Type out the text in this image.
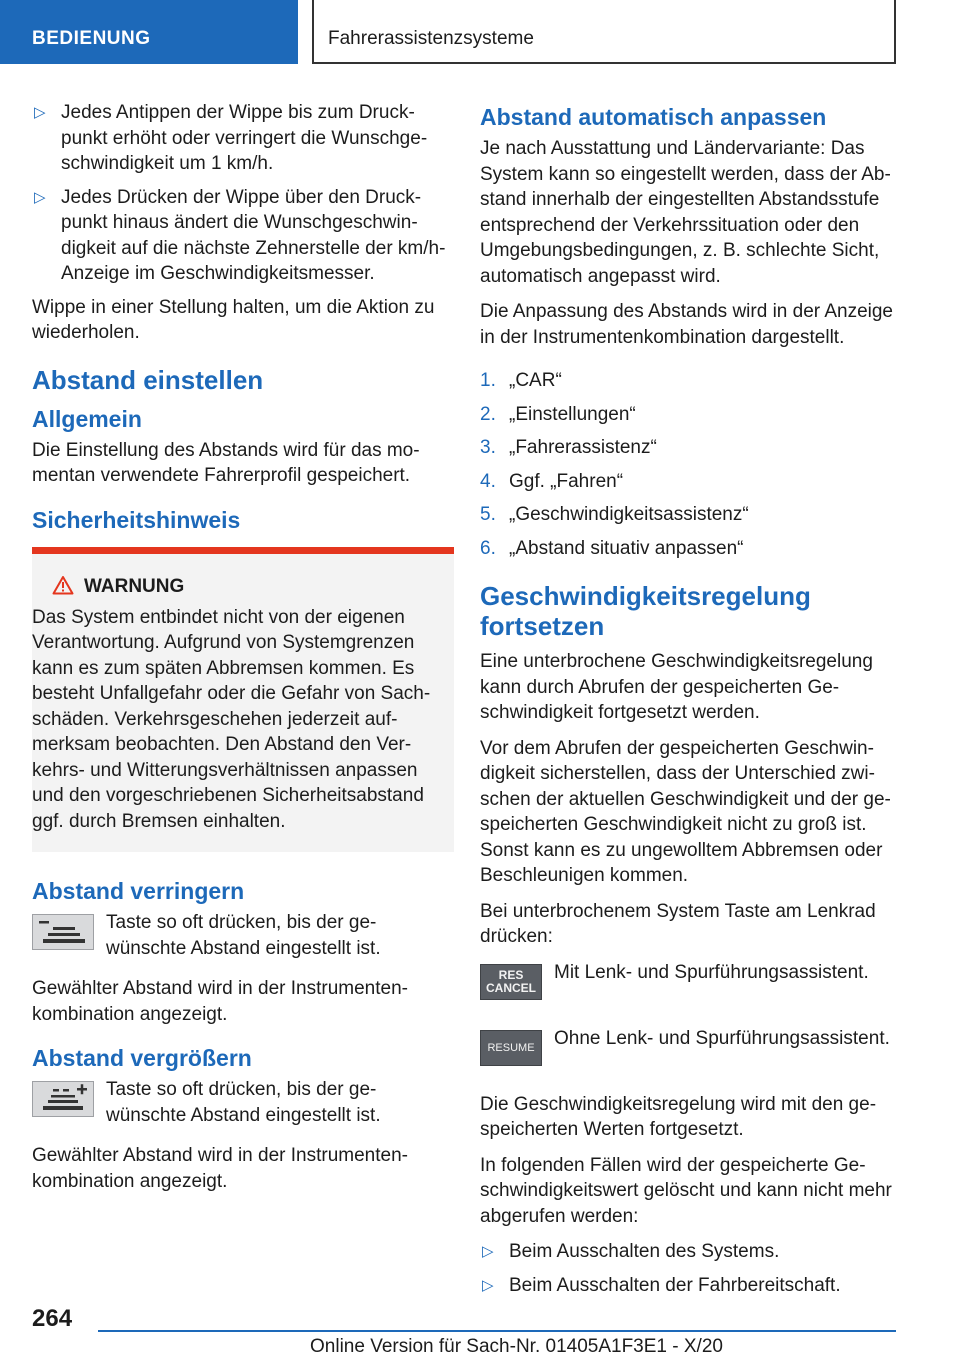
BEDIENUNG	Fahrerassistenzsysteme
▷ Jedes Antippen der Wippe bis zum Druckpunkt erhöht oder verringert die Wunschgeschwindigkeit um 1 km/h.
▷ Jedes Drücken der Wippe über den Druckpunkt hinaus ändert die Wunschgeschwindigkeit auf die nächste Zehnerstelle der km/h-Anzeige im Geschwindigkeitsmesser.

Wippe in einer Stellung halten, um die Aktion zu wiederholen.

Abstand einstellen
Allgemein

Die Einstellung des Abstands wird für das momentan verwendete Fahrerprofil gespeichert.

Sicherheitshinweis
WARNUNG

Das System entbindet nicht von der eigenen Verantwortung. Aufgrund von Systemgrenzen kann es zum späten Abbremsen kommen. Es besteht Unfallgefahr oder die Gefahr von Sachschäden. Verkehrsgeschehen jederzeit aufmerksam beobachten. Den Abstand den Verkehrs- und Witterungsverhältnissen anpassen und den vorgeschriebenen Sicherheitsabstand ggf. durch Bremsen einhalten.

Abstand verringern

Taste so oft drücken, bis der gewünschte Abstand eingestellt ist.

Gewählter Abstand wird in der Instrumentenkombination angezeigt.

Abstand vergrößern

Taste so oft drücken, bis der gewünschte Abstand eingestellt ist.

Gewählter Abstand wird in der Instrumentenkombination angezeigt.

Abstand automatisch anpassen

Je nach Ausstattung und Ländervariante: Das System kann so eingestellt werden, dass der Abstand innerhalb der eingestellten Abstandsstufe entsprechend der Verkehrssituation oder den Umgebungsbedingungen, z. B. schlechte Sicht, automatisch angepasst wird.

Die Anpassung des Abstands wird in der Anzeige in der Instrumentenkombination dargestellt.

1. „CAR“
2. „Einstellungen“
3. „Fahrerassistenz“
4. Ggf. „Fahren“
5. „Geschwindigkeitsassistenz“
6. „Abstand situativ anpassen“
Geschwindigkeitsregelung fortsetzen

Eine unterbrochene Geschwindigkeitsregelung kann durch Abrufen der gespeicherten Geschwindigkeit fortgesetzt werden.

Vor dem Abrufen der gespeicherten Geschwindigkeit sicherstellen, dass der Unterschied zwischen der aktuellen Geschwindigkeit und der gespeicherten Geschwindigkeit nicht zu groß ist. Sonst kann es zu ungewolltem Abbremsen oder Beschleunigen kommen.

Bei unterbrochenem System Taste am Lenkrad drücken:

RES
CANCEL

Mit Lenk- und Spurführungsassistent.

RESUME	Ohne Lenk- und Spurführungsassistent.

Die Geschwindigkeitsregelung wird mit den gespeicherten Werten fortgesetzt.

In folgenden Fällen wird der gespeicherte Geschwindigkeitswert gelöscht und kann nicht mehr abgerufen werden:

▷ Beim Ausschalten des Systems.
▷ Beim Ausschalten der Fahrbereitschaft.
264
Online Version für Sach-Nr. 01405A1F3E1 - X/20
